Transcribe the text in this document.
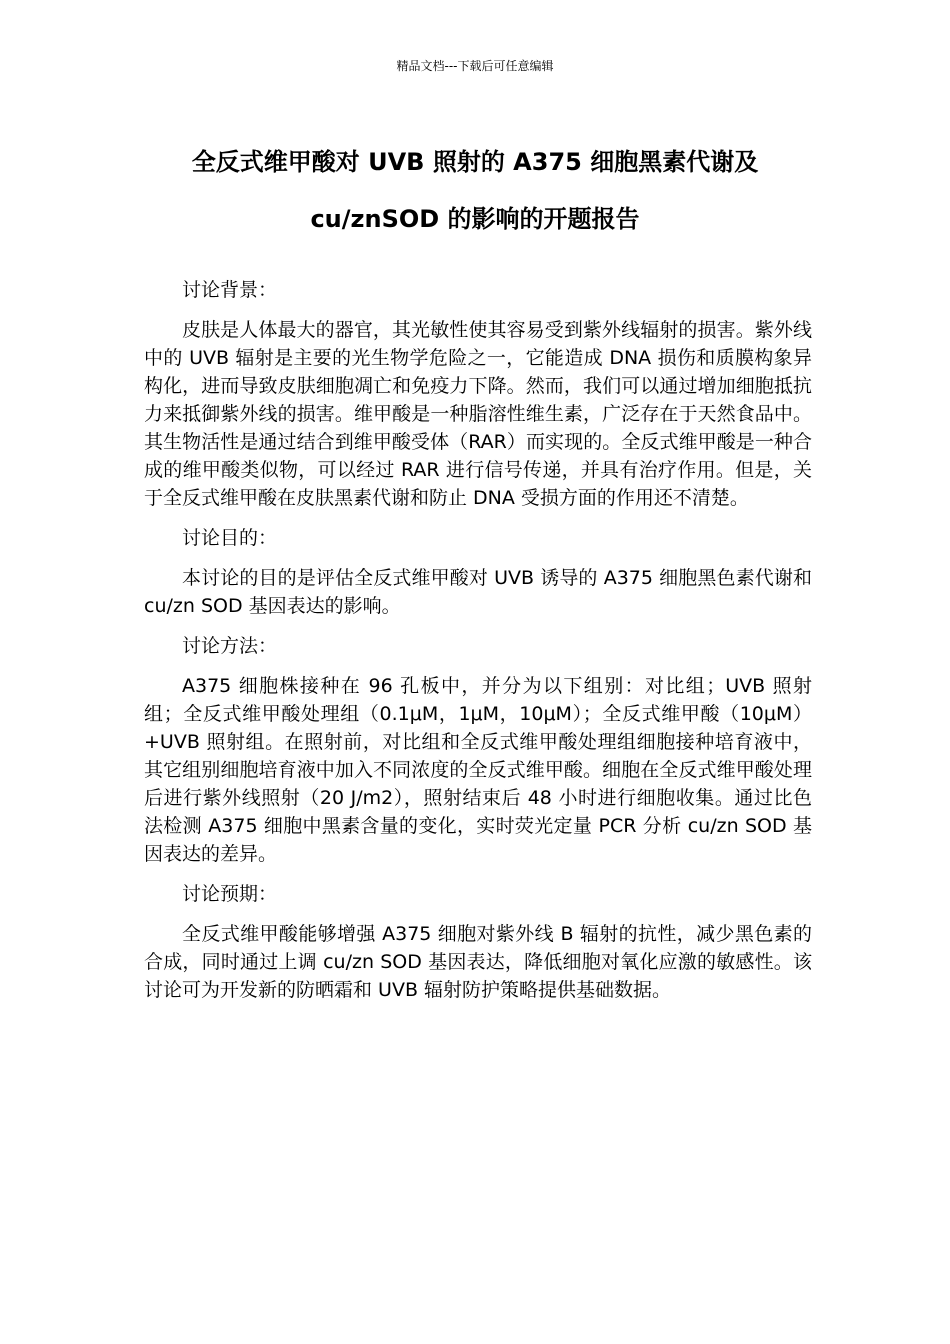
精品文档---下载后可任意编辑
全反式维甲酸对 UVB 照射的 A375 细胞黑素代谢及
cu/znSOD 的影响的开题报告

讨论背景：

皮肤是人体最大的器官，其光敏性使其容易受到紫外线辐射的损害。紫外线中的 UVB 辐射是主要的光生物学危险之一，它能造成 DNA 损伤和质膜构象异构化，进而导致皮肤细胞凋亡和免疫力下降。然而，我们可以通过增加细胞抵抗力来抵御紫外线的损害。维甲酸是一种脂溶性维生素，广泛存在于天然食品中。其生物活性是通过结合到维甲酸受体（RAR）而实现的。全反式维甲酸是一种合成的维甲酸类似物，可以经过 RAR 进行信号传递，并具有治疗作用。但是，关于全反式维甲酸在皮肤黑素代谢和防止 DNA 受损方面的作用还不清楚。

讨论目的：

本讨论的目的是评估全反式维甲酸对 UVB 诱导的 A375 细胞黑色素代谢和 cu/zn SOD 基因表达的影响。

讨论方法：

A375 细胞株接种在 96 孔板中，并分为以下组别：对比组；UVB 照射组；全反式维甲酸处理组（0.1μM，1μM，10μM）；全反式维甲酸（10μM）+UVB 照射组。在照射前，对比组和全反式维甲酸处理组细胞接种培育液中，其它组别细胞培育液中加入不同浓度的全反式维甲酸。细胞在全反式维甲酸处理后进行紫外线照射（20 J/m2），照射结束后 48 小时进行细胞收集。通过比色法检测 A375 细胞中黑素含量的变化，实时荧光定量 PCR 分析 cu/zn SOD 基因表达的差异。

讨论预期：

全反式维甲酸能够增强 A375 细胞对紫外线 B 辐射的抗性，减少黑色素的合成，同时通过上调 cu/zn SOD 基因表达，降低细胞对氧化应激的敏感性。该讨论可为开发新的防晒霜和 UVB 辐射防护策略提供基础数据。
